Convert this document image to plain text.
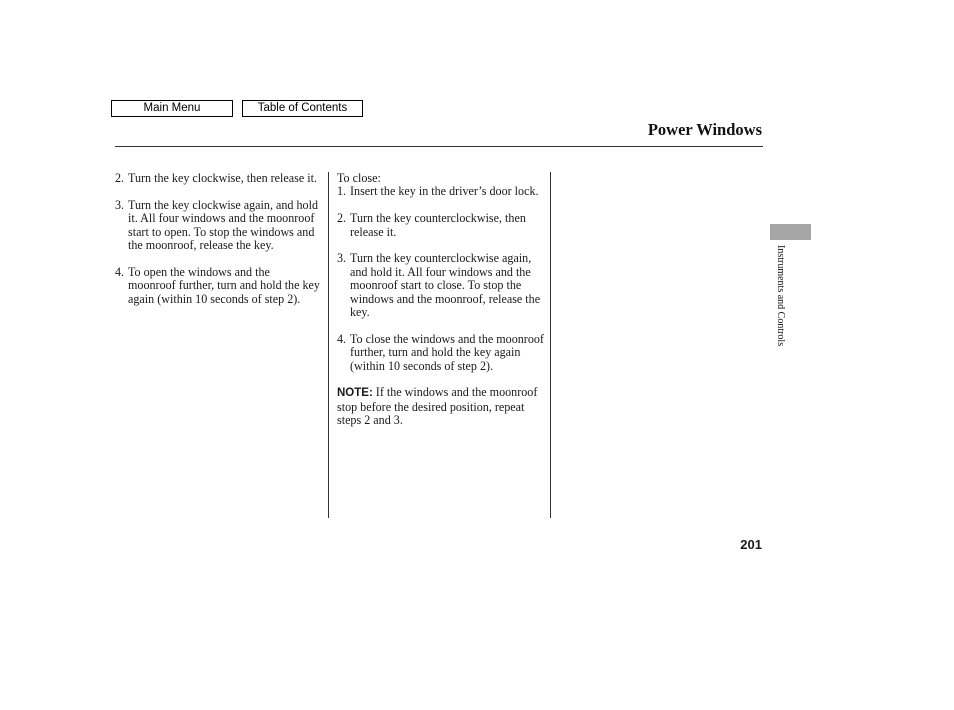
Main Menu	Table of Contents
Power Windows
2. Turn the key clockwise, then release it.
3. Turn the key clockwise again, and hold it. All four windows and the moonroof start to open. To stop the windows and the moonroof, release the key.
4. To open the windows and the moonroof further, turn and hold the key again (within 10 seconds of step 2).
To close:
1. Insert the key in the driver’s door lock.
2. Turn the key counterclockwise, then release it.
3. Turn the key counterclockwise again, and hold it. All four windows and the moonroof start to close. To stop the windows and the moonroof, release the key.
4. To close the windows and the moonroof further, turn and hold the key again (within 10 seconds of step 2).
NOTE: If the windows and the moonroof stop before the desired position, repeat steps 2 and 3.
Instruments and Controls
201
